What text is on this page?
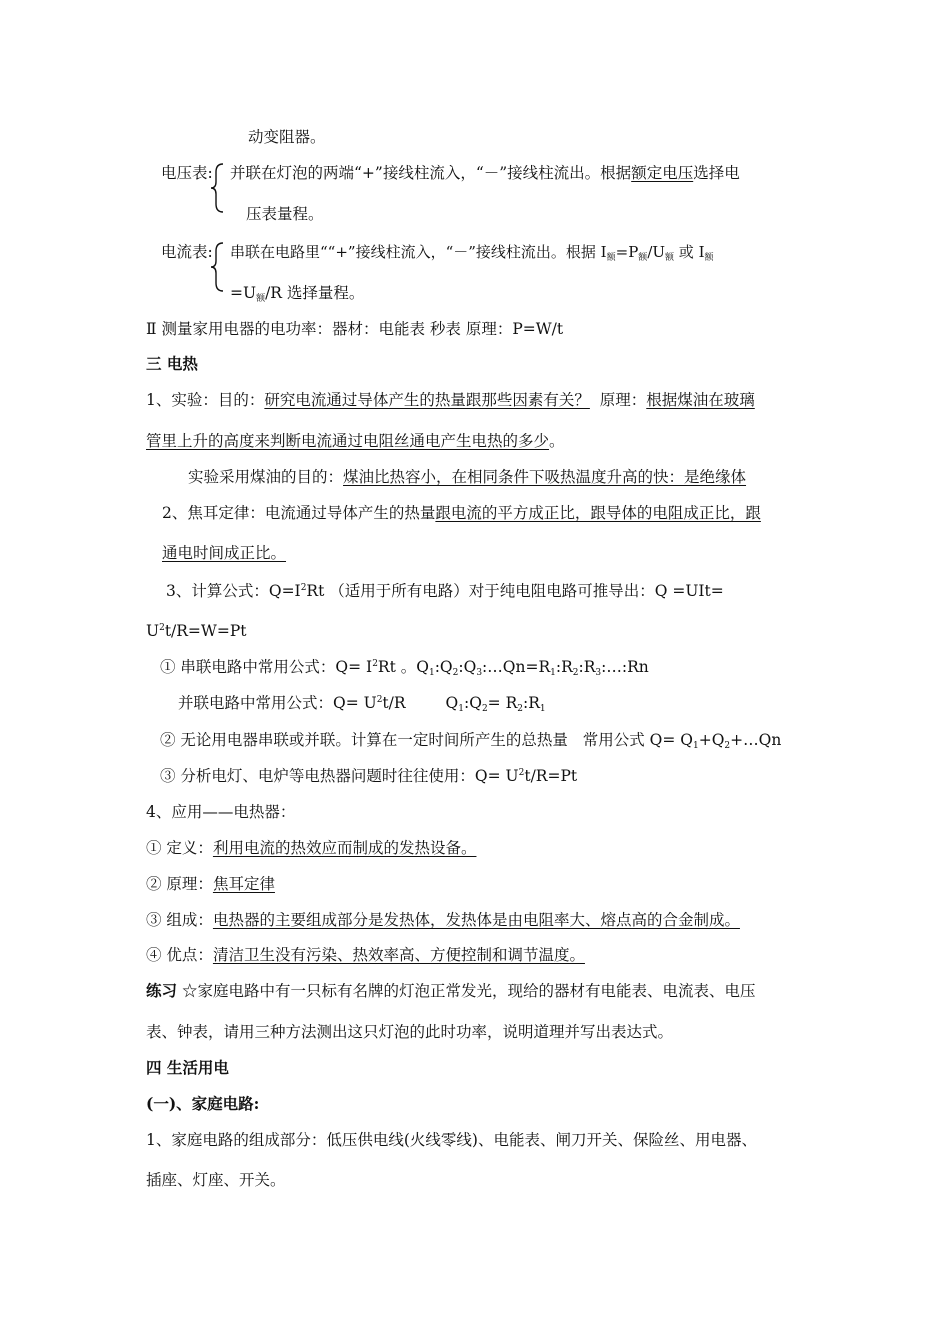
动变阻器。
电压表: 并联在灯泡的两端“+”接线柱流入，“－”接线柱流出。根据额定电压选择电
压表量程。
电流表: 串联在电路里““+”接线柱流入，“－”接线柱流出。根据 $I_额=P_额/U_额$ 或 $I_额$
$=U_额/R$ 选择量程。
Ⅱ 测量家用电器的电功率：器材：电能表 秒表 原理：P=W/t
三 电热
1、实验：目的：研究电流通过导体产生的热量跟那些因素有关？  原理：根据煤油在玻璃
管里上升的高度来判断电流通过电阻丝通电产生电热的多少。
实验采用煤油的目的：煤油比热容小，在相同条件下吸热温度升高的快：是绝缘体
2、焦耳定律：电流通过导体产生的热量跟电流的平方成正比，跟导体的电阻成正比，跟
通电时间成正比。
3、计算公式：$Q=I^2Rt$ （适用于所有电路）对于纯电阻电路可推导出：Q =UIt=
$U^2t/R=W=Pt$
① 串联电路中常用公式：$Q= I^2Rt$ 。$Q_1:Q_2:Q_3:\dots Qn=R_1:R_2:R_3:\dots:Rn$
并联电路中常用公式：$Q= U^2t/R$	$Q_1:Q_2=$ $R_2:R_1$
② 无论用电器串联或并联。计算在一定时间所产生的总热量   常用公式 $Q= Q_1+Q_2+\dots Qn$
③ 分析电灯、电炉等电热器问题时往往使用：$Q= U^2t/R=Pt$
4、应用——电热器：
① 定义：利用电流的热效应而制成的发热设备。
② 原理：焦耳定律
③ 组成：电热器的主要组成部分是发热体，发热体是由电阻率大、熔点高的合金制成。
④ 优点：清洁卫生没有污染、热效率高、方便控制和调节温度。
练习 ☆家庭电路中有一只标有名牌的灯泡正常发光，现给的器材有电能表、电流表、电压
表、钟表，请用三种方法测出这只灯泡的此时功率，说明道理并写出表达式。
四 生活用电
(一)、家庭电路:
1、家庭电路的组成部分：低压供电线(火线零线)、电能表、闸刀开关、保险丝、用电器、
插座、灯座、开关。
